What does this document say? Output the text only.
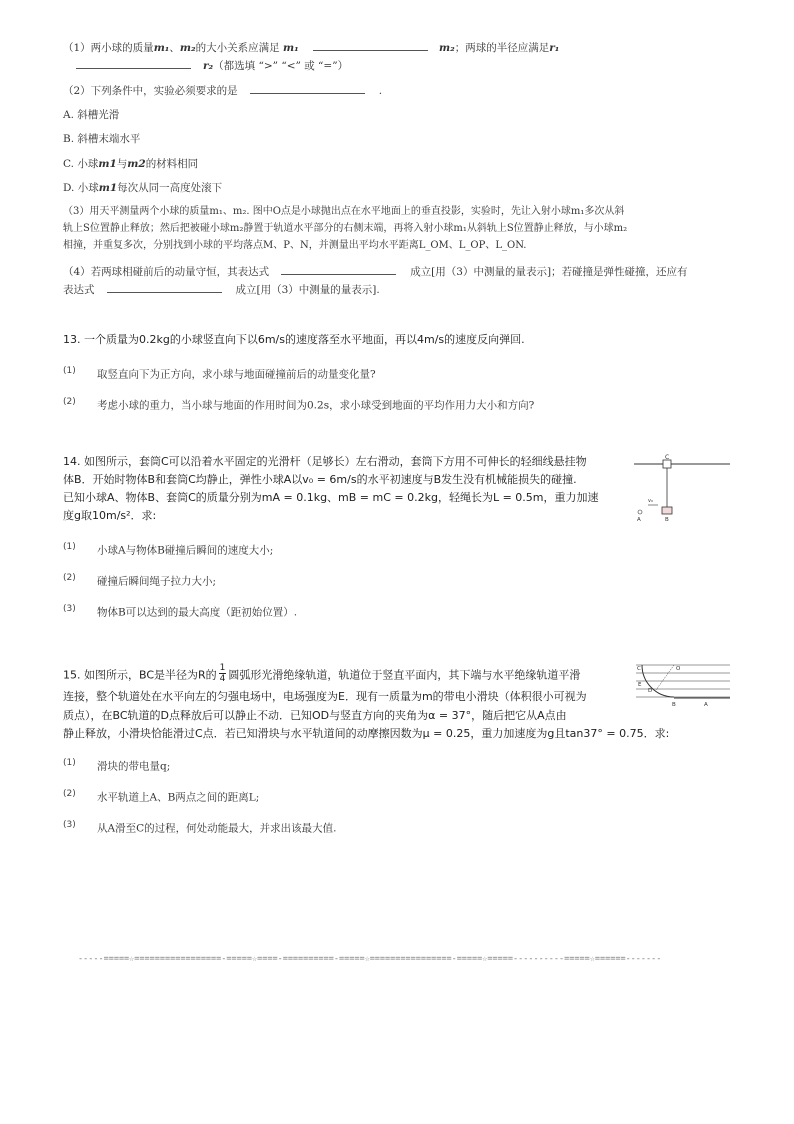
（1）两小球的质量m₁、m₂的大小关系应满足 m₁	m₂；两球的半径应满足r₁
r₂（都选填 “>” “<” 或 “=”）
（2）下列条件中，实验必须要求的是	.
A. 斜槽光滑
B. 斜槽末端水平
C. 小球m1与m2的材料相同
D. 小球m1每次从同一高度处滚下
（3）用天平测量两个小球的质量m₁、m₂. 图中O点是小球抛出点在水平地面上的垂直投影，实验时，先让入射小球m₁多次从斜
轨上S位置静止释放；然后把被碰小球m₂静置于轨道水平部分的右侧末端，再将入射小球m₁从斜轨上S位置静止释放，与小球m₂
相撞，并重复多次，分别找到小球的平均落点M、P、N，并测量出平均水平距离L_OM、L_OP、L_ON.
（4）若两球相碰前后的动量守恒，其表达式	成立[用（3）中测量的量表示]；若碰撞是弹性碰撞，还应有
表达式	成立[用（3）中测量的量表示].
13. 一个质量为0.2kg的小球竖直向下以6m/s的速度落至水平地面，再以4m/s的速度反向弹回.
(1) 取竖直向下为正方向，求小球与地面碰撞前后的动量变化量?
(2) 考虑小球的重力，当小球与地面的作用时间为0.2s，求小球受到地面的平均作用力大小和方向?
14. 如图所示，套筒C可以沿着水平固定的光滑杆（足够长）左右滑动，套筒下方用不可伸长的轻细线悬挂物
体B．开始时物体B和套筒C均静止，弹性小球A以v₀ = 6m/s的水平初速度与B发生没有机械能损失的碰撞.
已知小球A、物体B、套筒C的质量分别为mA = 0.1kg、mB = mC = 0.2kg，轻绳长为L = 0.5m，重力加速
度g取10m/s²．求:
(1) 小球A与物体B碰撞后瞬间的速度大小;
(2) 碰撞后瞬间绳子拉力大小;
(3) 物体B可以达到的最大高度（距初始位置）.
C
B
A
v₀
15. 如图所示，BC是半径为R的 $\frac{1}{4}$ 圆弧形光滑绝缘轨道，轨道位于竖直平面内，其下端与水平绝缘轨道平滑
连接，整个轨道处在水平向左的匀强电场中，电场强度为E．现有一质量为m的带电小滑块（体积很小可视为
质点），在BC轨道的D点释放后可以静止不动．已知OD与竖直方向的夹角为α = 37°，随后把它从A点由
静止释放，小滑块恰能滑过C点．若已知滑块与水平轨道间的动摩擦因数为μ = 0.25，重力加速度为g且tan37° = 0.75．求:
(1) 滑块的带电量q;
(2) 水平轨道上A、B两点之间的距离L;
(3) 从A滑至C的过程，何处动能最大，并求出该最大值.
C	O
E
D
B	A
-----=====☆=================-=====☆====-==========-=====☆================-=====☆=====----------=====☆======-------
